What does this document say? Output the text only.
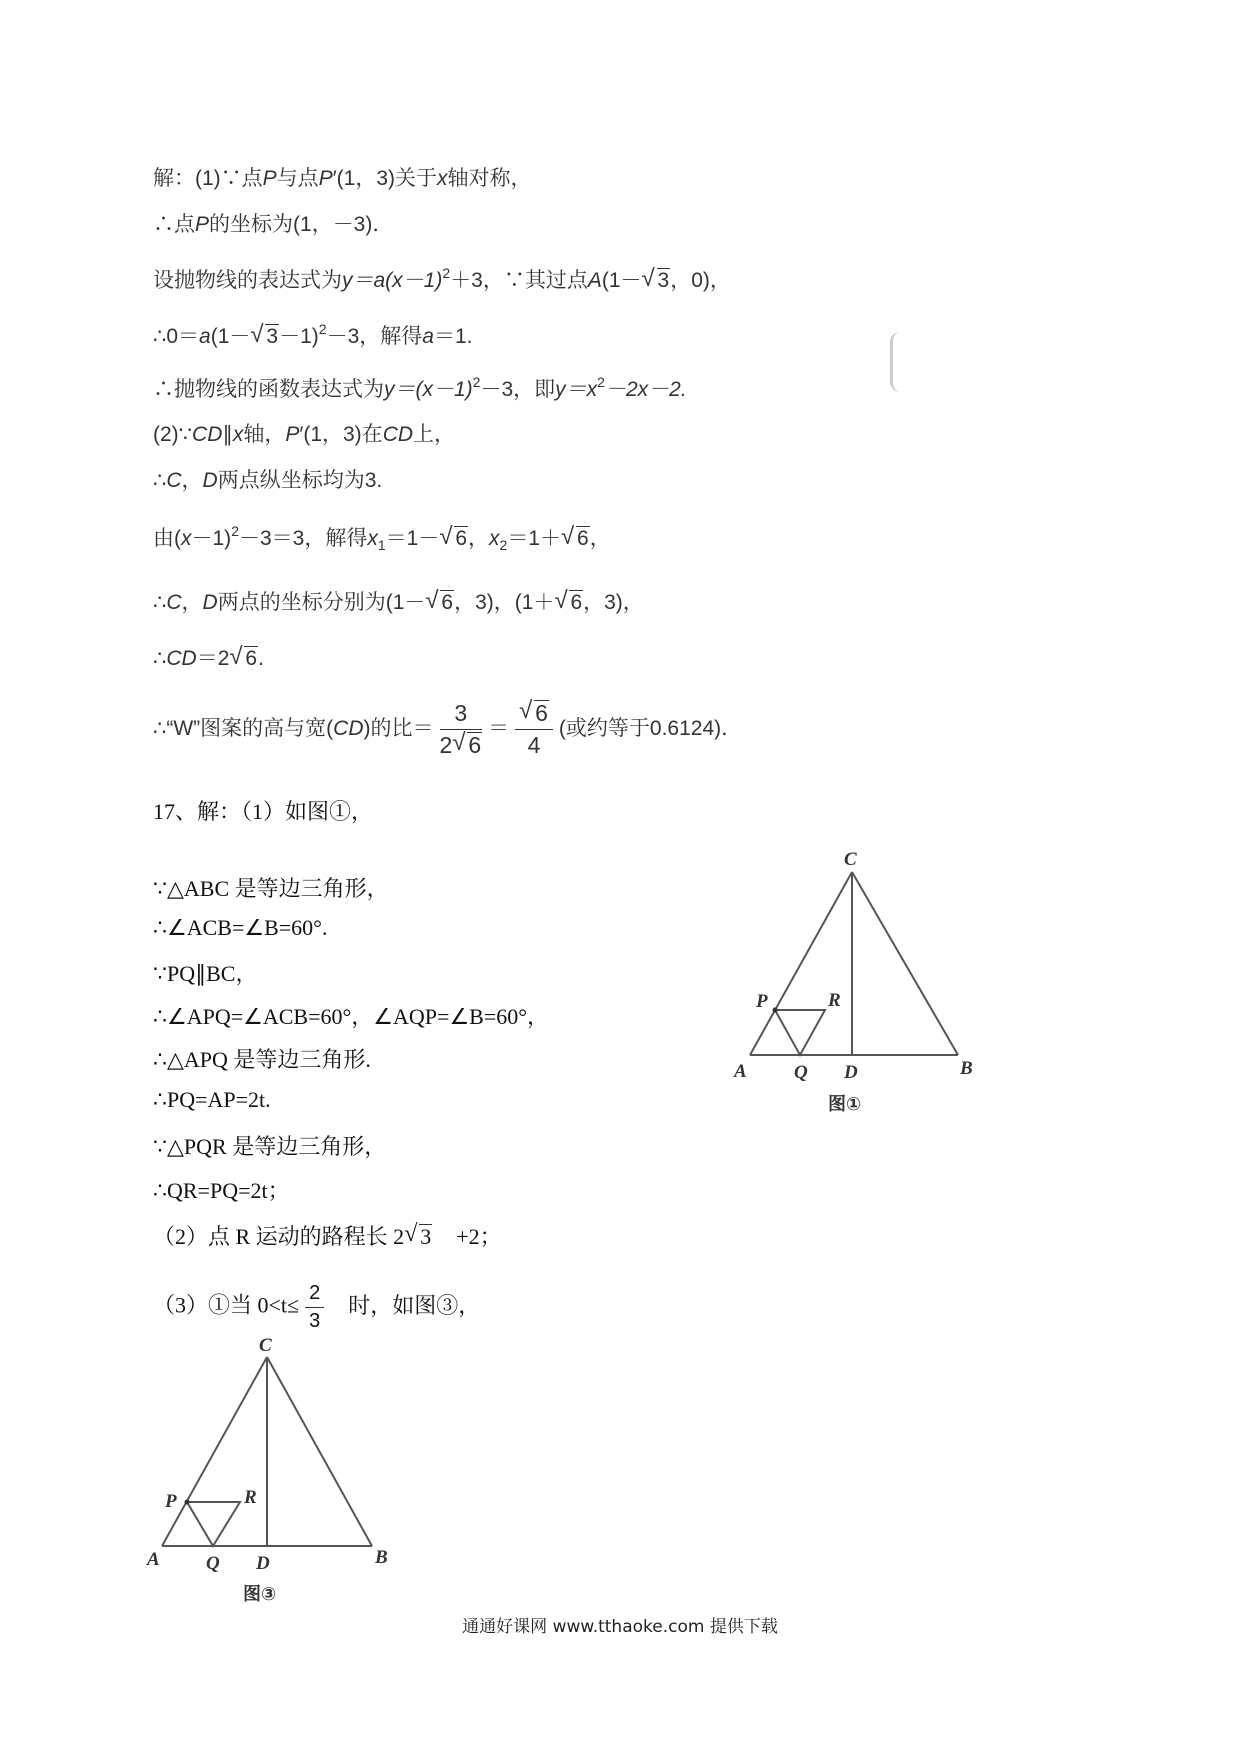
解：(1)∵点P与点P′(1，3)关于x轴对称，
∴点P的坐标为(1，－3)．
设抛物线的表达式为$y=a(x-1)^2+3$，∵其过点A(1－√ 3，0)，
∴0＝a(1－√ 3－1)$^2$－3，解得a＝1.
∴抛物线的函数表达式为$y=(x-1)^2-3$，即$y=x^2-2x-2$.
(2)∵CD∥x轴，P′(1，3)在CD上，
∴C，D两点纵坐标均为3.
由$(x-1)^2-3=3$，解得$x_1=1-√$ 6，$x_2=1+√$ 6，
∴C，D两点的坐标分别为(1－√ 6，3)，(1＋√ 6，3)，
∴CD＝2√ 6.
∴“W”图案的高与宽(CD)的比＝ $\frac{3}{2√ 6}$ ＝
√ $\frac{6}{4}$ (或约等于0.6124)．
17、解：（1）如图①，
∵△ABC 是等边三角形，
∴∠ACB=∠B=60°.
∵PQ∥BC，
∴∠APQ=∠ACB=60°，∠AQP=∠B=60°，
∴△APQ 是等边三角形.
∴PQ=AP=2t.
∵△PQR 是等边三角形，
∴QR=PQ=2t；
（2）点 R 运动的路程长 2√ 3 +2；
（3）①当 $0<t\le \frac{2}{3}$ 时，如图③，
C
P	R
A Q D	B
图①
C
P	R
A Q D	B
图③
通通好课网 www.tthaoke.com 提供下载
